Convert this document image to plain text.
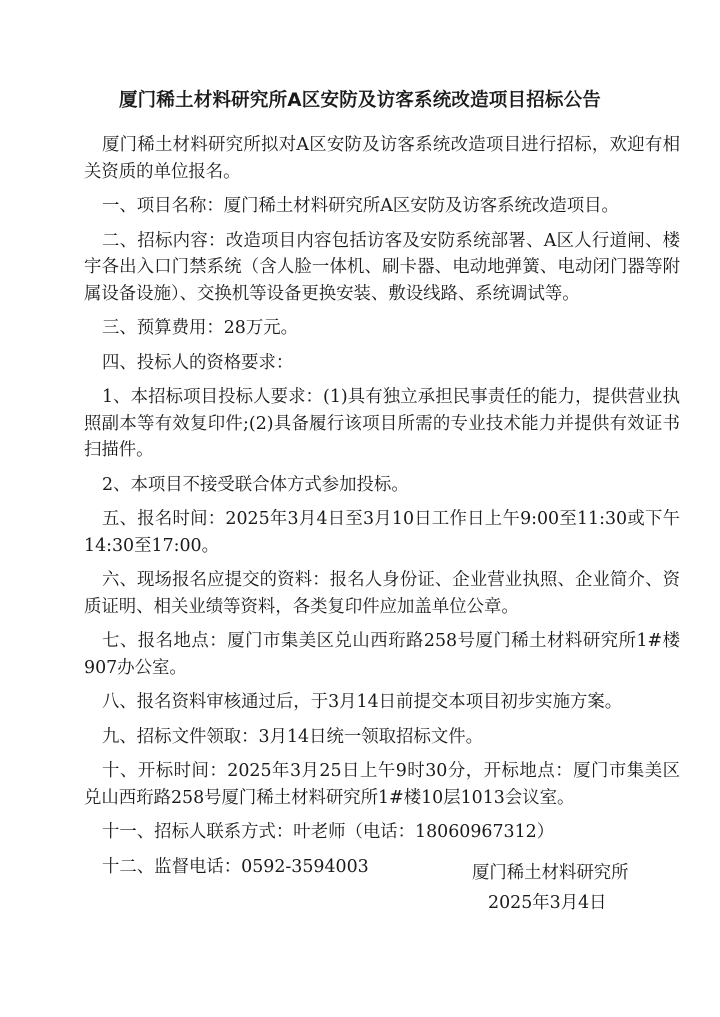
厦门稀土材料研究所A区安防及访客系统改造项目招标公告

厦门稀土材料研究所拟对A区安防及访客系统改造项目进行招标，欢迎有相关资质的单位报名。

一、项目名称：厦门稀土材料研究所A区安防及访客系统改造项目。

二、招标内容：改造项目内容包括访客及安防系统部署、A区人行道闸、楼宇各出入口门禁系统（含人脸一体机、刷卡器、电动地弹簧、电动闭门器等附属设备设施）、交换机等设备更换安装、敷设线路、系统调试等。

三、预算费用：28万元。

四、投标人的资格要求：

1、本招标项目投标人要求：(1)具有独立承担民事责任的能力，提供营业执照副本等有效复印件;(2)具备履行该项目所需的专业技术能力并提供有效证书扫描件。

2、本项目不接受联合体方式参加投标。

五、报名时间：2025年3月4日至3月10日工作日上午9:00至11:30或下午14:30至17:00。

六、现场报名应提交的资料：报名人身份证、企业营业执照、企业简介、资质证明、相关业绩等资料，各类复印件应加盖单位公章。

七、报名地点：厦门市集美区兑山西珩路258号厦门稀土材料研究所1#楼907办公室。

八、报名资料审核通过后，于3月14日前提交本项目初步实施方案。

九、招标文件领取：3月14日统一领取招标文件。

十、开标时间：2025年3月25日上午9时30分，开标地点：厦门市集美区兑山西珩路258号厦门稀土材料研究所1#楼10层1013会议室。

十一、招标人联系方式：叶老师（电话：18060967312）

十二、监督电话：0592-3594003	厦门稀土材料研究所
2025年3月4日
